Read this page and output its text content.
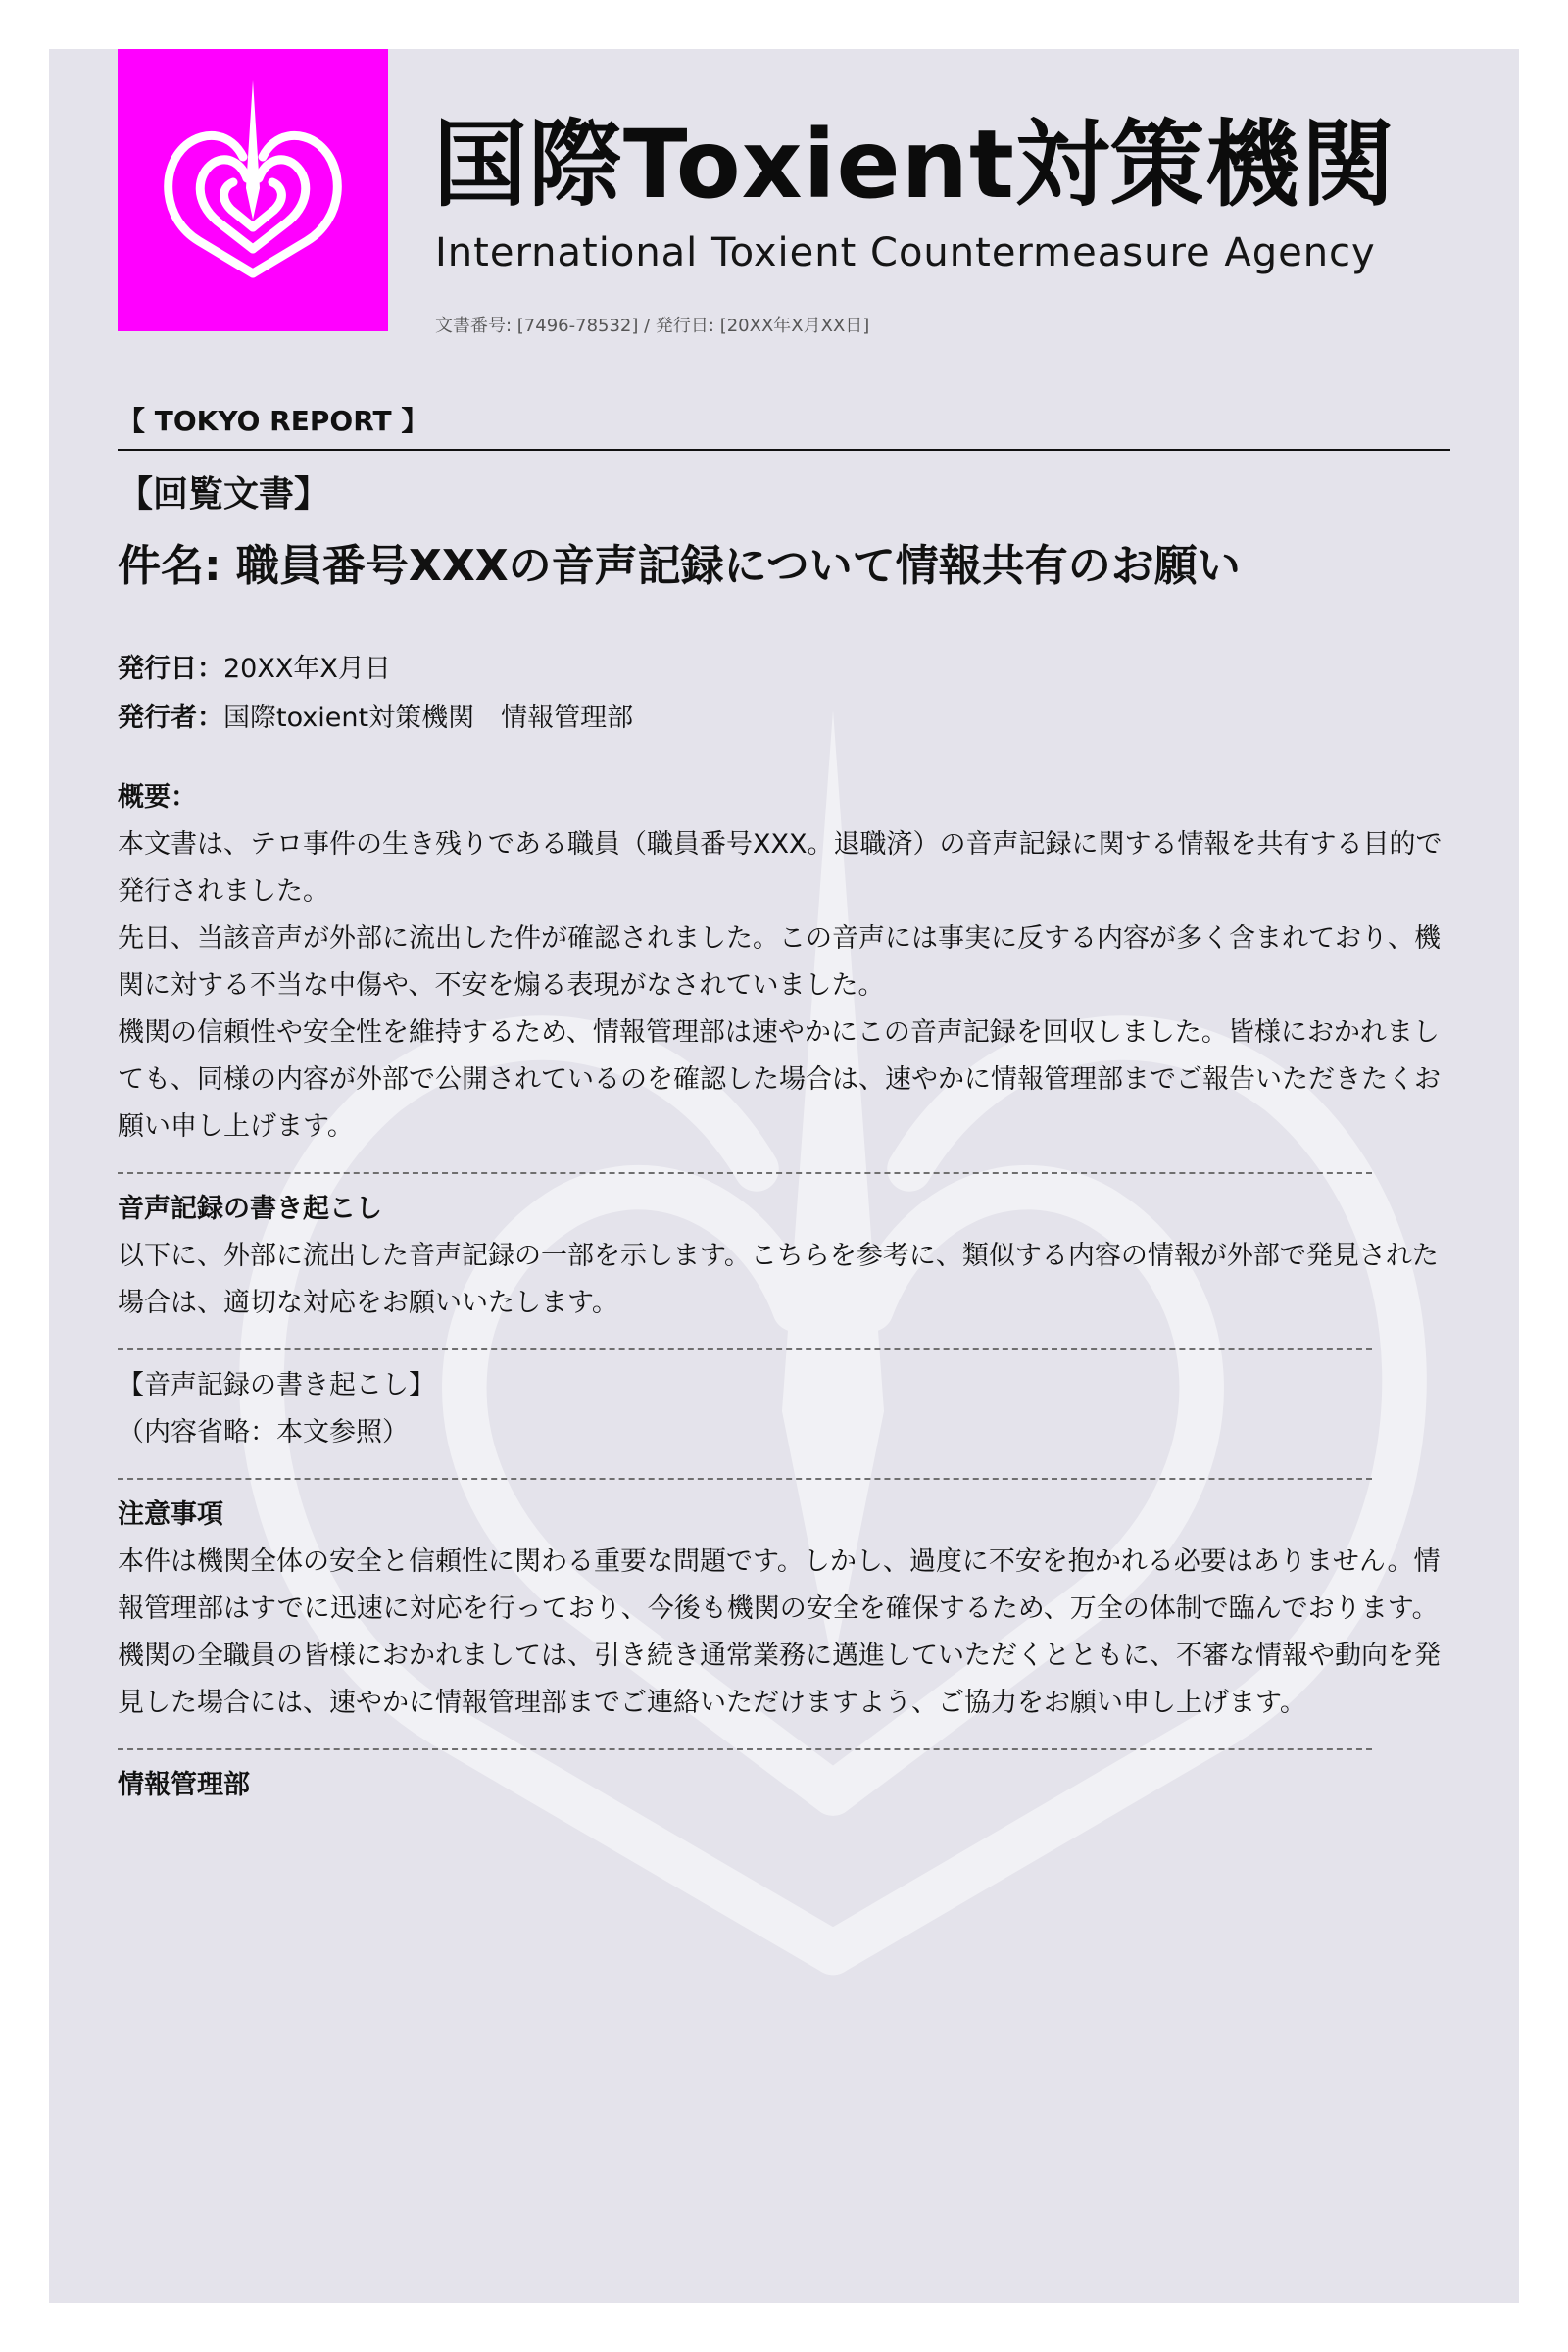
国際Toxient対策機関

International Toxient Countermeasure Agency

文書番号: [7496-78532] / 発行日: [20XX年X月XX日]
【 TOKYO REPORT 】
【回覧文書】
件名: 職員番号XXXの音声記録について情報共有のお願い

発行日：20XX年X月日

発行者：国際toxient対策機関　情報管理部

概要：

本文書は、テロ事件の生き残りである職員（職員番号XXX。退職済）の音声記録に関する情報を共有する目的で発行されました。

先日、当該音声が外部に流出した件が確認されました。この音声には事実に反する内容が多く含まれており、機関に対する不当な中傷や、不安を煽る表現がなされていました。

機関の信頼性や安全性を維持するため、情報管理部は速やかにこの音声記録を回収しました。皆様におかれましても、同様の内容が外部で公開されているのを確認した場合は、速やかに情報管理部までご報告いただきたくお願い申し上げます。

音声記録の書き起こし

以下に、外部に流出した音声記録の一部を示します。こちらを参考に、類似する内容の情報が外部で発見された場合は、適切な対応をお願いいたします。

【音声記録の書き起こし】

（内容省略：本文参照）

注意事項

本件は機関全体の安全と信頼性に関わる重要な問題です。しかし、過度に不安を抱かれる必要はありません。情報管理部はすでに迅速に対応を行っており、今後も機関の安全を確保するため、万全の体制で臨んでおります。

機関の全職員の皆様におかれましては、引き続き通常業務に邁進していただくとともに、不審な情報や動向を発見した場合には、速やかに情報管理部までご連絡いただけますよう、ご協力をお願い申し上げます。

情報管理部
